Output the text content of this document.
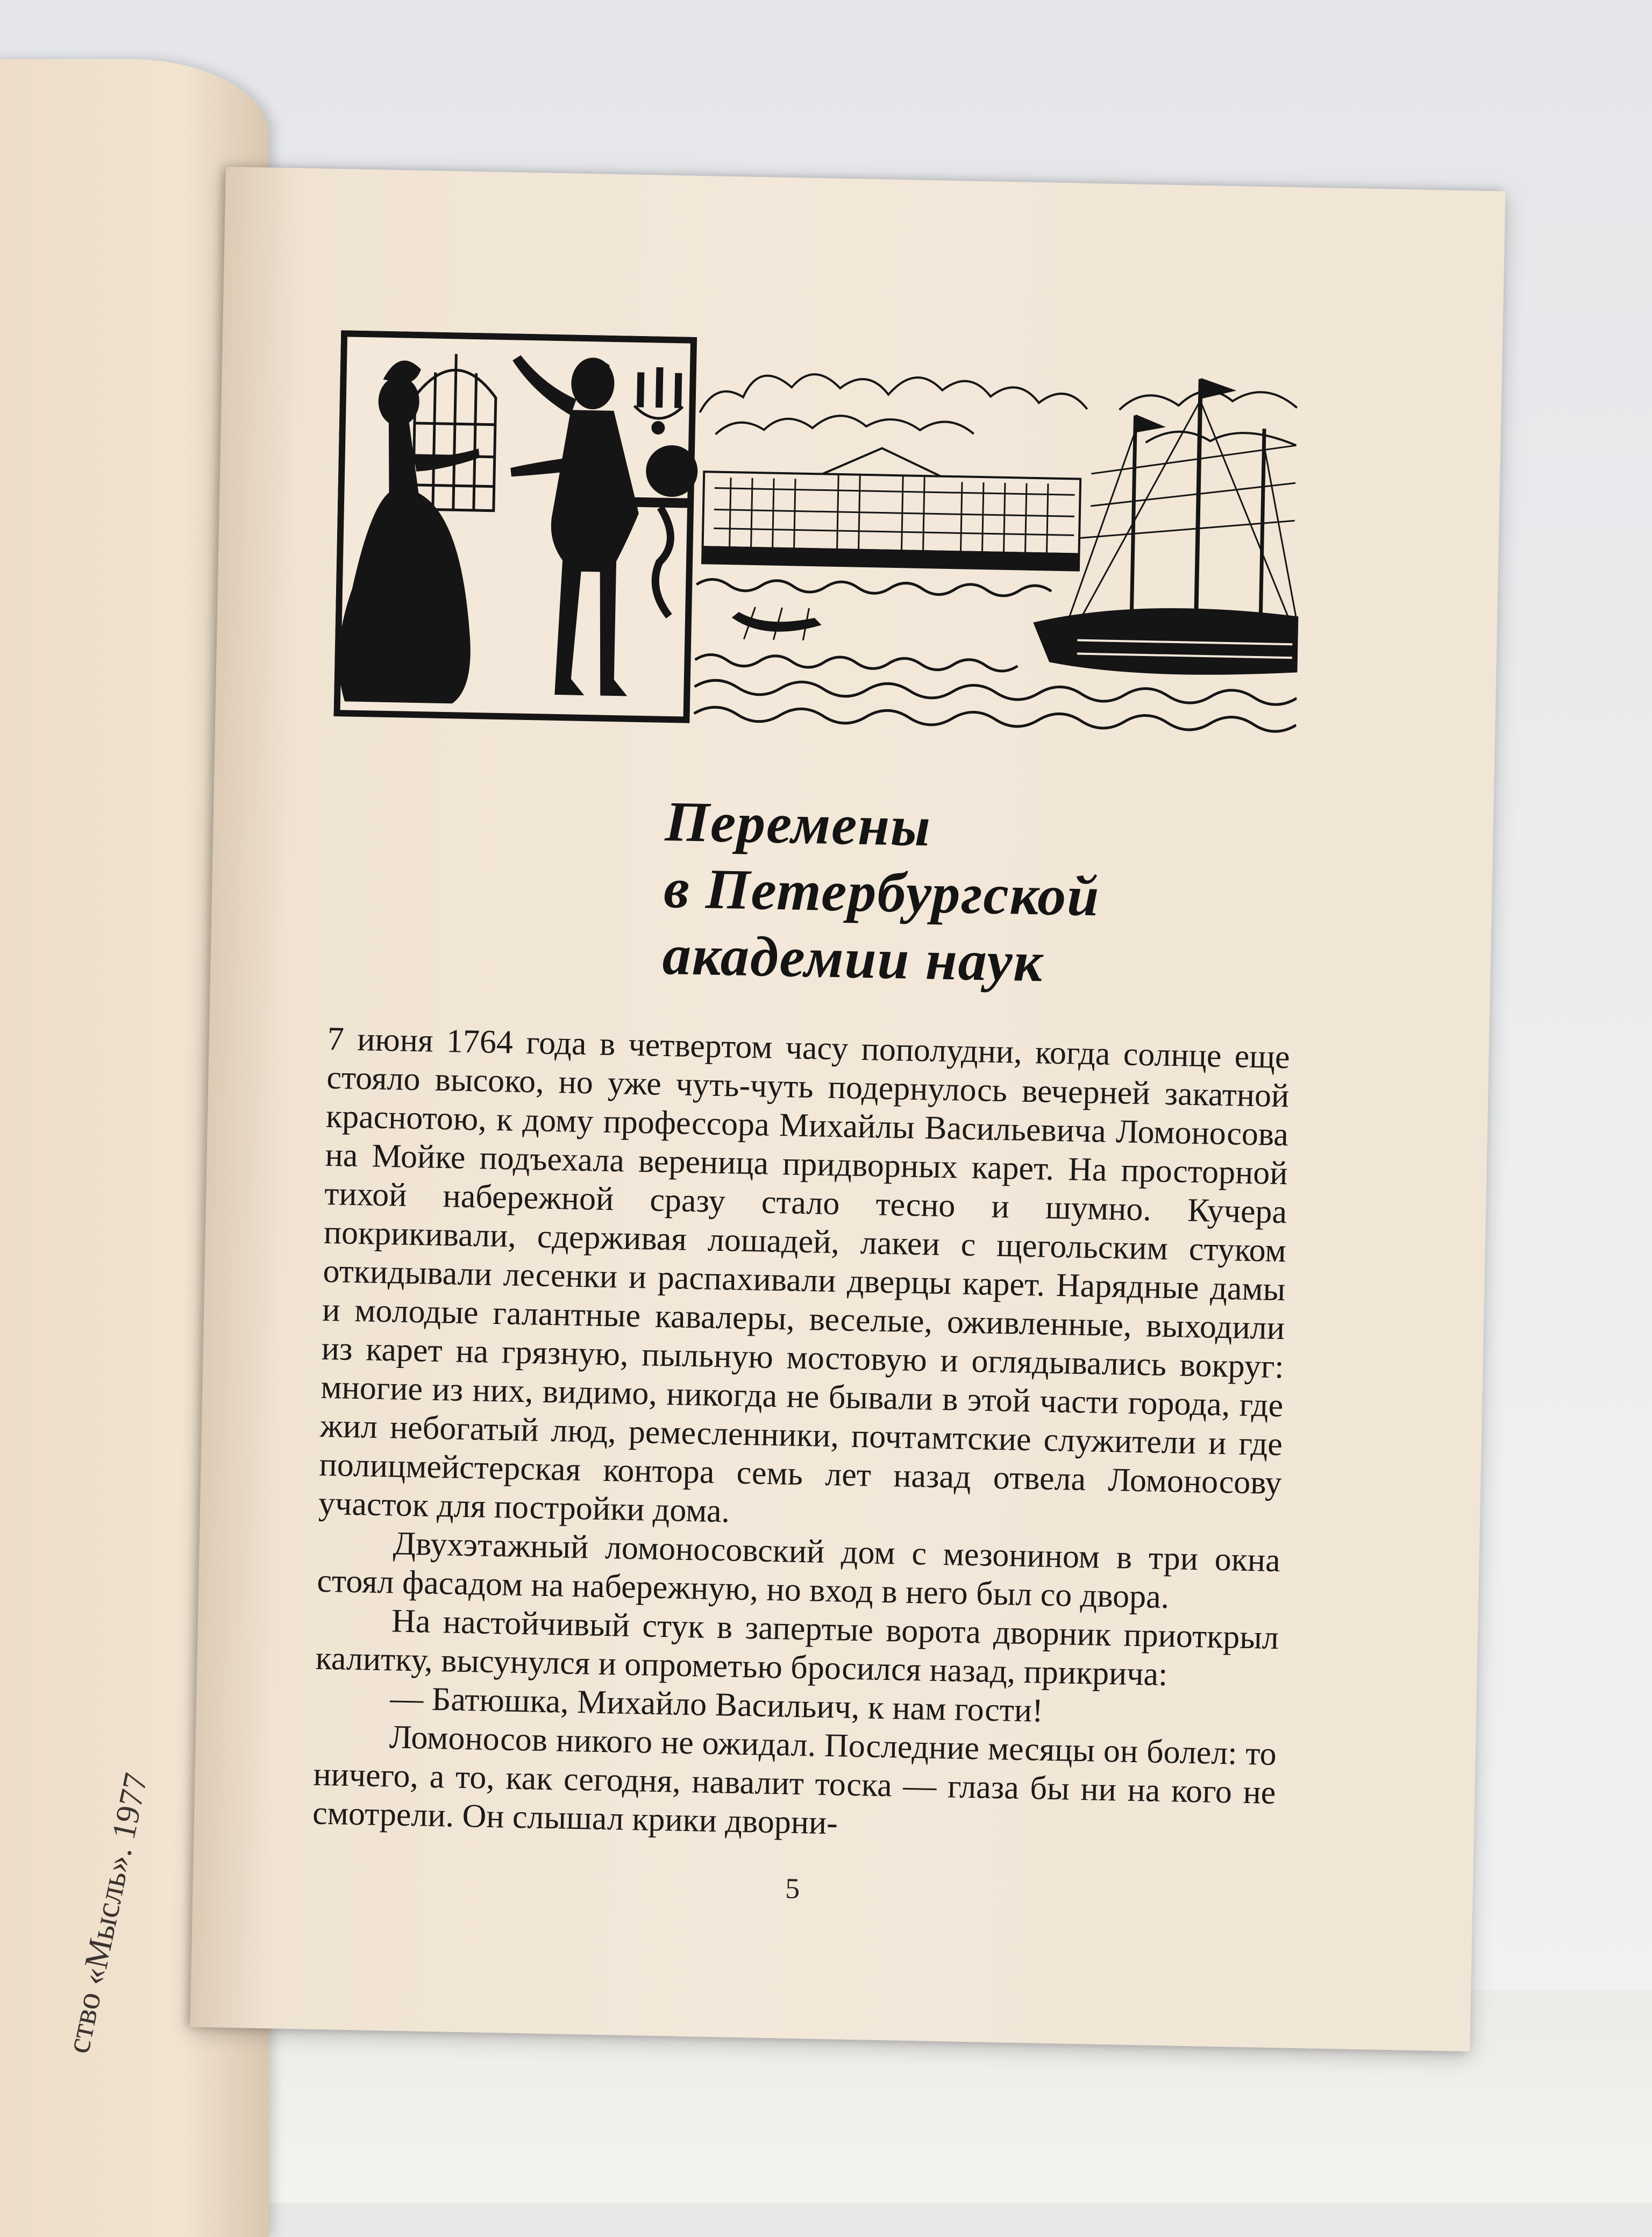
ство «Мысль». 1977
Перемены
в Петербургской
академии наук

7 июня 1764 года в четвертом часу пополудни, когда солнце еще стояло высоко, но уже чуть-чуть подернулось вечерней закатной краснотою, к дому профессора Михайлы Васильевича Ломоносова на Мойке подъехала вереница придворных карет. На просторной тихой набережной сразу стало тесно и шумно. Кучера покрикивали, сдерживая лошадей, лакеи с щегольским стуком откидывали лесенки и распахивали дверцы карет. Нарядные дамы и молодые галантные кавалеры, веселые, оживленные, выходили из карет на грязную, пыльную мостовую и оглядывались вокруг: многие из них, видимо, никогда не бывали в этой части города, где жил небогатый люд, ремесленники, почтамтские служители и где полицмейстерская контора семь лет назад отвела Ломоносову участок для постройки дома.

Двухэтажный ломоносовский дом с мезонином в три окна стоял фасадом на набережную, но вход в него был со двора.

На настойчивый стук в запертые ворота дворник приоткрыл калитку, высунулся и опрометью бросился назад, прикрича:

— Батюшка, Михайло Васильич, к нам гости!

Ломоносов никого не ожидал. Последние месяцы он болел: то ничего, а то, как сегодня, навалит тоска — глаза бы ни на кого не смотрели. Он слышал крики дворни-

5
